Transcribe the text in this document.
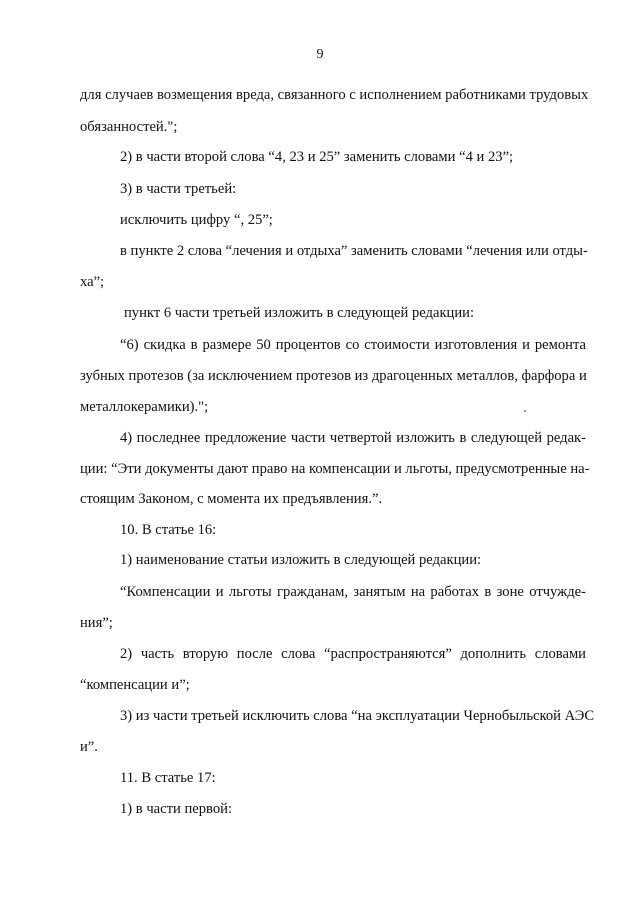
9
для случаев возмещения вреда, связанного с исполнением работниками трудовых
обязанностей.";
2) в части второй слова “4, 23 и 25” заменить словами “4 и 23”;
3) в части третьей:
исключить цифру “, 25”;
в пункте 2 слова “лечения и отдыха” заменить словами “лечения или отды-
ха”;
пункт 6 части третьей изложить в следующей редакции:
“6) скидка в размере 50 процентов со стоимости изготовления и ремонта
зубных протезов (за исключением протезов из драгоценных металлов, фарфора и
металлокерамики).";
4) последнее предложение части четвертой изложить в следующей редак-
ции: “Эти документы дают право на компенсации и льготы, предусмотренные на-
стоящим Законом, с момента их предъявления.”.
10. В статье 16:
1) наименование статьи изложить в следующей редакции:
“Компенсации и льготы гражданам, занятым на работах в зоне отчужде-
ния”;
2) часть вторую после слова “распространяются” дополнить словами
“компенсации и”;
3) из части третьей исключить слова “на эксплуатации Чернобыльской АЭС
и”.
11. В статье 17:
1) в части первой:
